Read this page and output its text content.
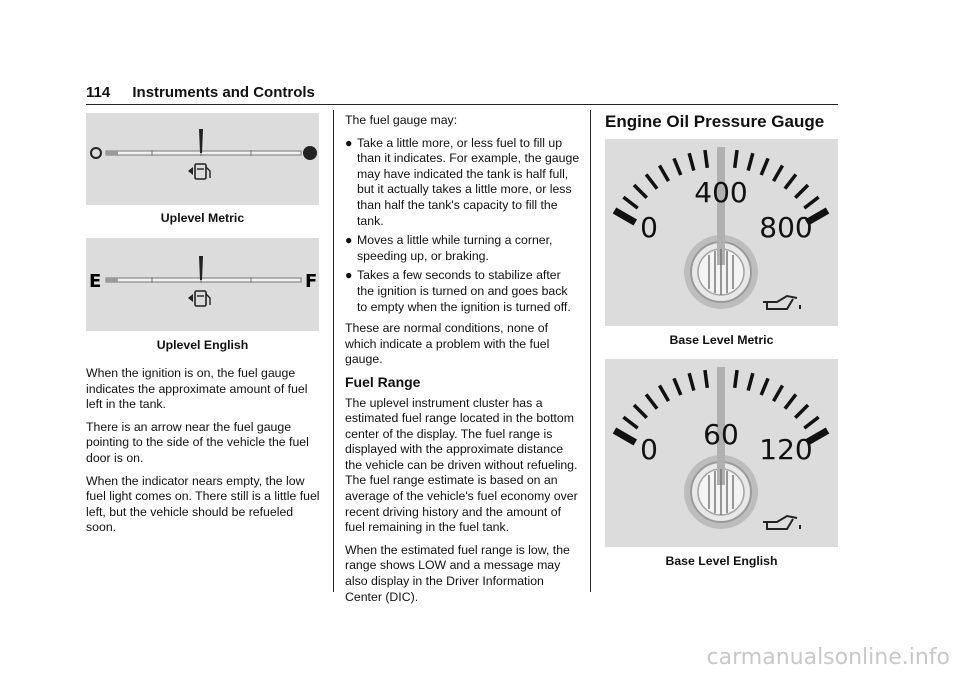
114 Instruments and Controls
Uplevel Metric
E	F
Uplevel English

When the ignition is on, the fuel gauge indicates the approximate amount of fuel left in the tank.

There is an arrow near the fuel gauge pointing to the side of the vehicle the fuel door is on.

When the indicator nears empty, the low fuel light comes on. There still is a little fuel left, but the vehicle should be refueled soon.

The fuel gauge may:

● Take a little more, or less fuel to fill up than it indicates. For example, the gauge may have indicated the tank is half full, but it actually takes a little more, or less than half the tank's capacity to fill the tank.
● Moves a little while turning a corner, speeding up, or braking.
● Takes a few seconds to stabilize after the ignition is turned on and goes back to empty when the ignition is turned off.

These are normal conditions, none of which indicate a problem with the fuel gauge.

Fuel Range

The uplevel instrument cluster has a estimated fuel range located in the bottom center of the display. The fuel range is displayed with the approximate distance the vehicle can be driven without refueling. The fuel range estimate is based on an average of the vehicle's fuel economy over recent driving history and the amount of fuel remaining in the fuel tank.

When the estimated fuel range is low, the range shows LOW and a message may also display in the Driver Information Center (DIC).

Engine Oil Pressure Gauge
400
0	800
Base Level Metric
60
0	120
Base Level English
carmanualsonline.info
